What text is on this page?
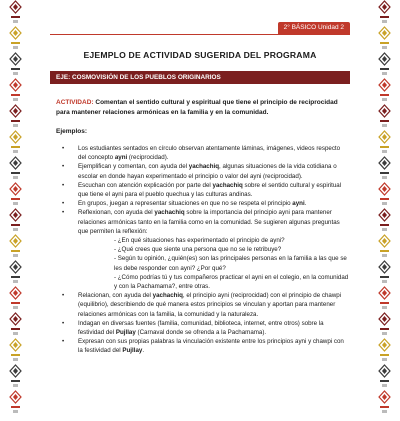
2° BÁSICO Unidad 2
EJEMPLO DE ACTIVIDAD SUGERIDA DEL PROGRAMA
EJE: COSMOVISIÓN DE LOS PUEBLOS ORIGINARIOS
ACTIVIDAD: Comentan el sentido cultural y espiritual que tiene el principio de reciprocidad para mantener relaciones armónicas en la familia y en la comunidad.
Ejemplos:
• Los estudiantes sentados en círculo observan atentamente láminas, imágenes, videos respecto del concepto ayni (reciprocidad).
• Ejemplifican y comentan, con ayuda del yachachiq, algunas situaciones de la vida cotidiana o escolar en donde hayan experimentado el principio o valor del ayni (reciprocidad).
• Escuchan con atención explicación por parte del yachachiq sobre el sentido cultural y espiritual que tiene el ayni para el pueblo quechua y las culturas andinas.
• En grupos, juegan a representar situaciones en que no se respeta el principio ayni.
• Reflexionan, con ayuda del yachachiq sobre la importancia del principio ayni para mantener relaciones armónicas tanto en la familia como en la comunidad. Se sugieren algunas preguntas que permiten la reflexión:
- ¿En qué situaciones has experimentado el principio de ayni?
- ¿Qué crees que siente una persona que no se le retribuye?
- Según tu opinión, ¿quién(es) son las principales personas en la familia a las que se les debe responder con ayni? ¿Por qué?
- ¿Cómo podrías tú y tus compañeros practicar el ayni en el colegio, en la comunidad y con la Pachamama?, entre otras.
• Relacionan, con ayuda del yachachiq, el principio ayni (reciprocidad) con el principio de chawpi (equilibrio), describiendo de qué manera estos principios se vinculan y aportan para mantener relaciones armónicas con la familia, la comunidad y la naturaleza.
• Indagan en diversas fuentes (familia, comunidad, biblioteca, internet, entre otros) sobre la festividad del Pujllay (Carnaval donde se ofrenda a la Pachamama).
• Expresan con sus propias palabras la vinculación existente entre los principios ayni y chawpi con la festividad del Pujllay.
